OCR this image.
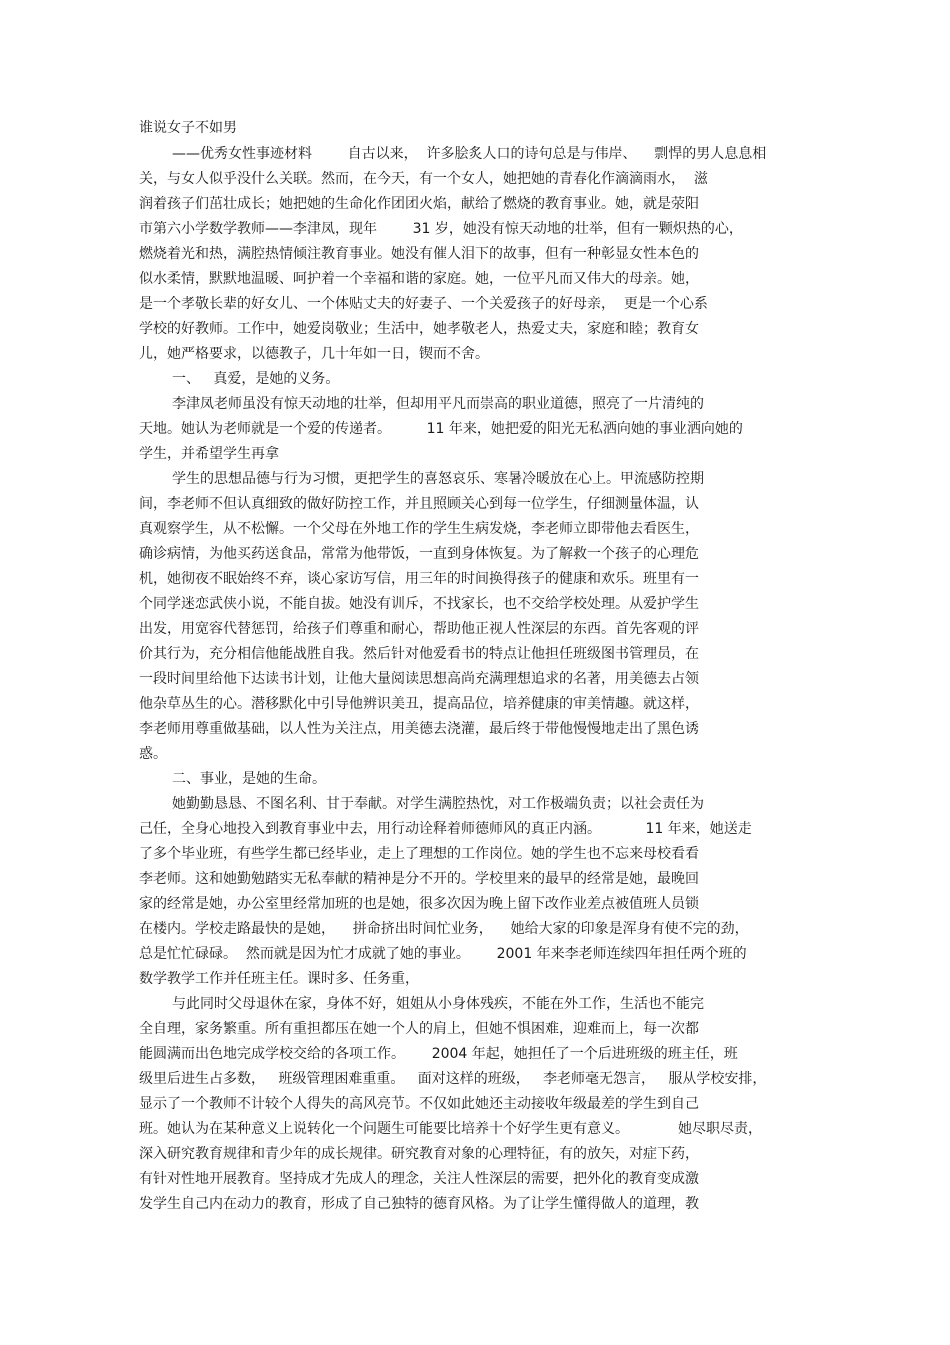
谁说女子不如男
——优秀女性事迹材料        自古以来，  许多脍炙人口的诗句总是与伟岸、    剽悍的男人息息相
关，与女人似乎没什么关联。然而，在今天，有一个女人，她把她的青春化作滴滴雨水，  滋
润着孩子们茁壮成长；她把她的生命化作团团火焰，献给了燃烧的教育事业。她，就是荥阳
市第六小学数学教师——李津凤，现年        31 岁，她没有惊天动地的壮举，但有一颗炽热的心，
燃烧着光和热，满腔热情倾注教育事业。她没有催人泪下的故事，但有一种彰显女性本色的
似水柔情，默默地温暖、呵护着一个幸福和谐的家庭。她，一位平凡而又伟大的母亲。她，
是一个孝敬长辈的好女儿、一个体贴丈夫的好妻子、一个关爱孩子的好母亲，  更是一个心系
学校的好教师。工作中，她爱岗敬业；生活中，她孝敬老人，热爱丈夫，家庭和睦；教育女
儿，她严格要求，以德教子，几十年如一日，锲而不舍。
一、   真爱，是她的义务。
李津凤老师虽没有惊天动地的壮举，但却用平凡而崇高的职业道德，照亮了一片清纯的
天地。她认为老师就是一个爱的传递者。        11 年来，她把爱的阳光无私洒向她的事业洒向她的
学生，并希望学生再拿
学生的思想品德与行为习惯，更把学生的喜怒哀乐、寒暑冷暖放在心上。甲流感防控期
间，李老师不但认真细致的做好防控工作，并且照顾关心到每一位学生，仔细测量体温，认
真观察学生，从不松懈。一个父母在外地工作的学生生病发烧，李老师立即带他去看医生，
确诊病情，为他买药送食品，常常为他带饭，一直到身体恢复。为了解救一个孩子的心理危
机，她彻夜不眠始终不弃，谈心家访写信，用三年的时间换得孩子的健康和欢乐。班里有一
个同学迷恋武侠小说，不能自拔。她没有训斥，不找家长，也不交给学校处理。从爱护学生
出发，用宽容代替惩罚，给孩子们尊重和耐心，帮助他正视人性深层的东西。首先客观的评
价其行为，充分相信他能战胜自我。然后针对他爱看书的特点让他担任班级图书管理员，在
一段时间里给他下达读书计划，让他大量阅读思想高尚充满理想追求的名著，用美德去占领
他杂草丛生的心。潜移默化中引导他辨识美丑，提高品位，培养健康的审美情趣。就这样，
李老师用尊重做基础，以人性为关注点，用美德去浇灌，最后终于带他慢慢地走出了黑色诱
惑。
二、事业，是她的生命。
她勤勤恳恳、不图名利、甘于奉献。对学生满腔热忱，对工作极端负责；以社会责任为
己任，全身心地投入到教育事业中去，用行动诠释着师德师风的真正内涵。          11 年来，她送走
了多个毕业班，有些学生都已经毕业，走上了理想的工作岗位。她的学生也不忘来母校看看
李老师。这和她勤勉踏实无私奉献的精神是分不开的。学校里来的最早的经常是她，最晚回
家的经常是她，办公室里经常加班的也是她，很多次因为晚上留下改作业差点被值班人员锁
在楼内。学校走路最快的是她，    拼命挤出时间忙业务，    她给大家的印象是浑身有使不完的劲，
总是忙忙碌碌。  然而就是因为忙才成就了她的事业。      2001 年来李老师连续四年担任两个班的
数学教学工作并任班主任。课时多、任务重，
与此同时父母退休在家，身体不好，姐姐从小身体残疾，不能在外工作，生活也不能完
全自理，家务繁重。所有重担都压在她一个人的肩上，但她不惧困难，迎难而上，每一次都
能圆满而出色地完成学校交给的各项工作。      2004 年起，她担任了一个后进班级的班主任，班
级里后进生占多数，   班级管理困难重重。   面对这样的班级，   李老师毫无怨言，   服从学校安排，
显示了一个教师不计较个人得失的高风亮节。不仅如此她还主动接收年级最差的学生到自己
班。她认为在某种意义上说转化一个问题生可能要比培养十个好学生更有意义。           她尽职尽责，
深入研究教育规律和青少年的成长规律。研究教育对象的心理特征，有的放矢，对症下药，
有针对性地开展教育。坚持成才先成人的理念，关注人性深层的需要，把外化的教育变成激
发学生自己内在动力的教育，形成了自己独特的德育风格。为了让学生懂得做人的道理，教
